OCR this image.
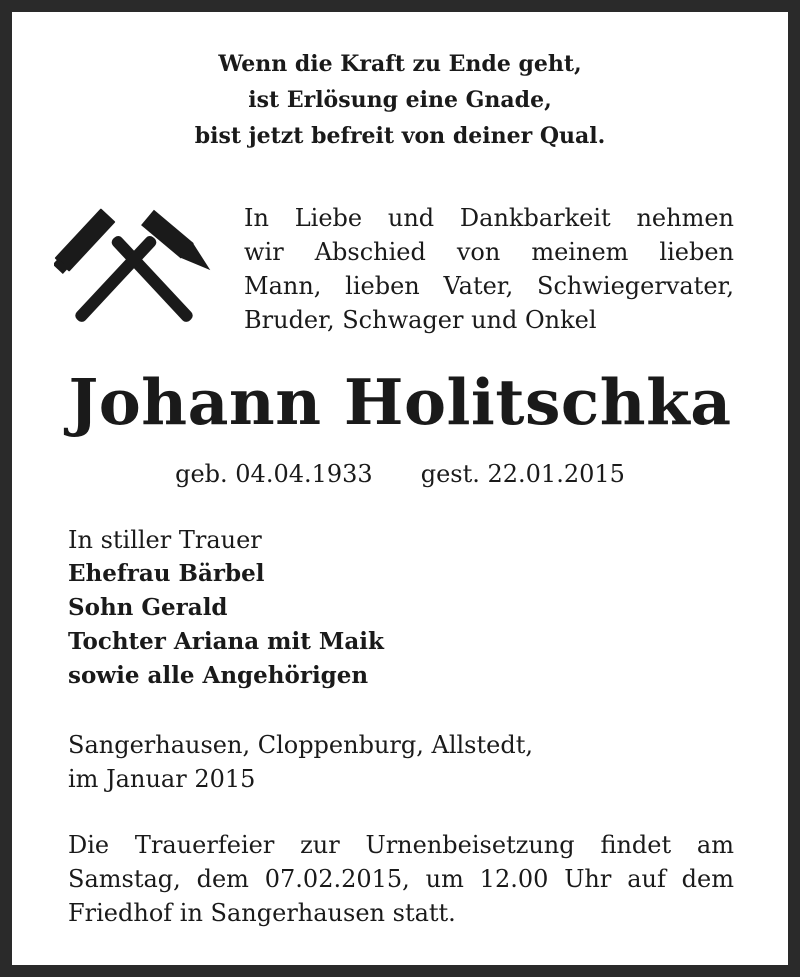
Wenn die Kraft zu Ende geht,
ist Erlösung eine Gnade,
bist jetzt befreit von deiner Qual.
In Liebe und Dankbarkeit nehmen
wir Abschied von meinem lieben
Mann, lieben Vater, Schwiegervater,
Bruder, Schwager und Onkel
Johann Holitschka
geb. 04.04.1933 gest. 22.01.2015
In stiller Trauer
Ehefrau Bärbel
Sohn Gerald
Tochter Ariana mit Maik
sowie alle Angehörigen
Sangerhausen, Cloppenburg, Allstedt,
im Januar 2015
Die Trauerfeier zur Urnenbeisetzung findet am
Samstag, dem 07.02.2015, um 12.00 Uhr auf dem
Friedhof in Sangerhausen statt.
